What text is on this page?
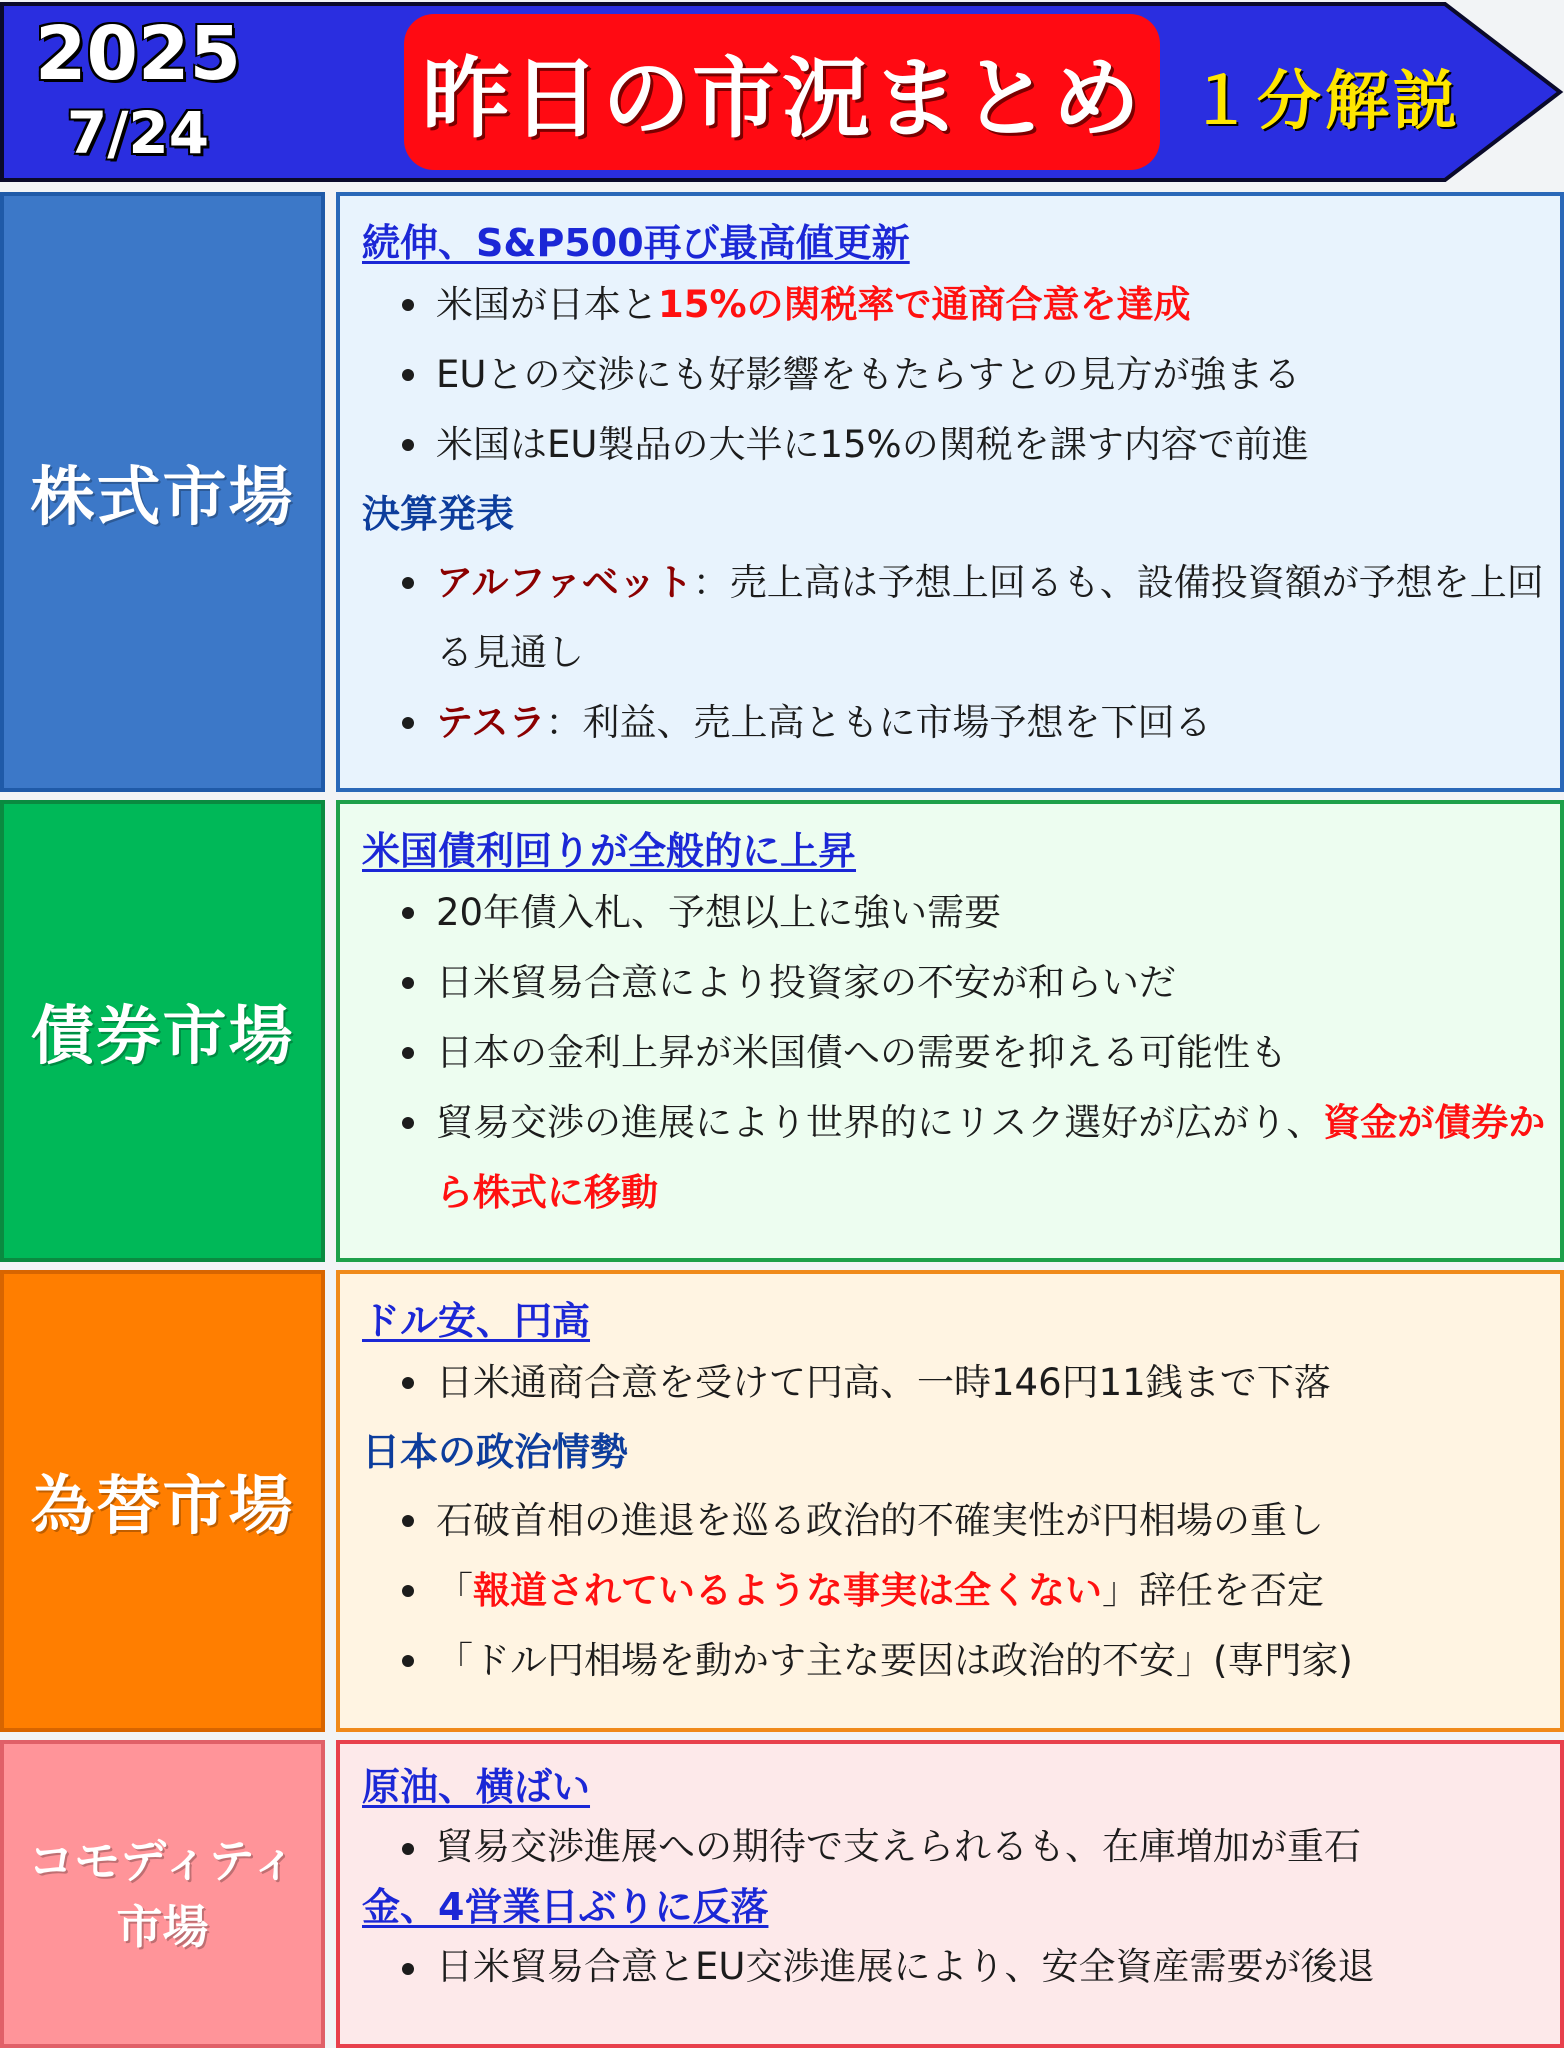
2025
7/24	昨日の市況まとめ １分解説
株式市場
続伸、S&P500再び最高値更新
米国が日本と15%の関税率で通商合意を達成
EUとの交渉にも好影響をもたらすとの見方が強まる
米国はEU製品の大半に15%の関税を課す内容で前進
決算発表
アルファベット：売上高は予想上回るも、設備投資額が予想を上回る見通し
テスラ：利益、売上高ともに市場予想を下回る
債券市場
米国債利回りが全般的に上昇
20年債入札、予想以上に強い需要
日米貿易合意により投資家の不安が和らいだ
日本の金利上昇が米国債への需要を抑える可能性も
貿易交渉の進展により世界的にリスク選好が広がり、資金が債券から株式に移動
為替市場
ドル安、円高
日米通商合意を受けて円高、一時146円11銭まで下落
日本の政治情勢
石破首相の進退を巡る政治的不確実性が円相場の重し
「報道されているような事実は全くない」辞任を否定
「ドル円相場を動かす主な要因は政治的不安」(専門家)
コモディティ市場
原油、横ばい
貿易交渉進展への期待で支えられるも、在庫増加が重石
金、4営業日ぶりに反落
日米貿易合意とEU交渉進展により、安全資産需要が後退
